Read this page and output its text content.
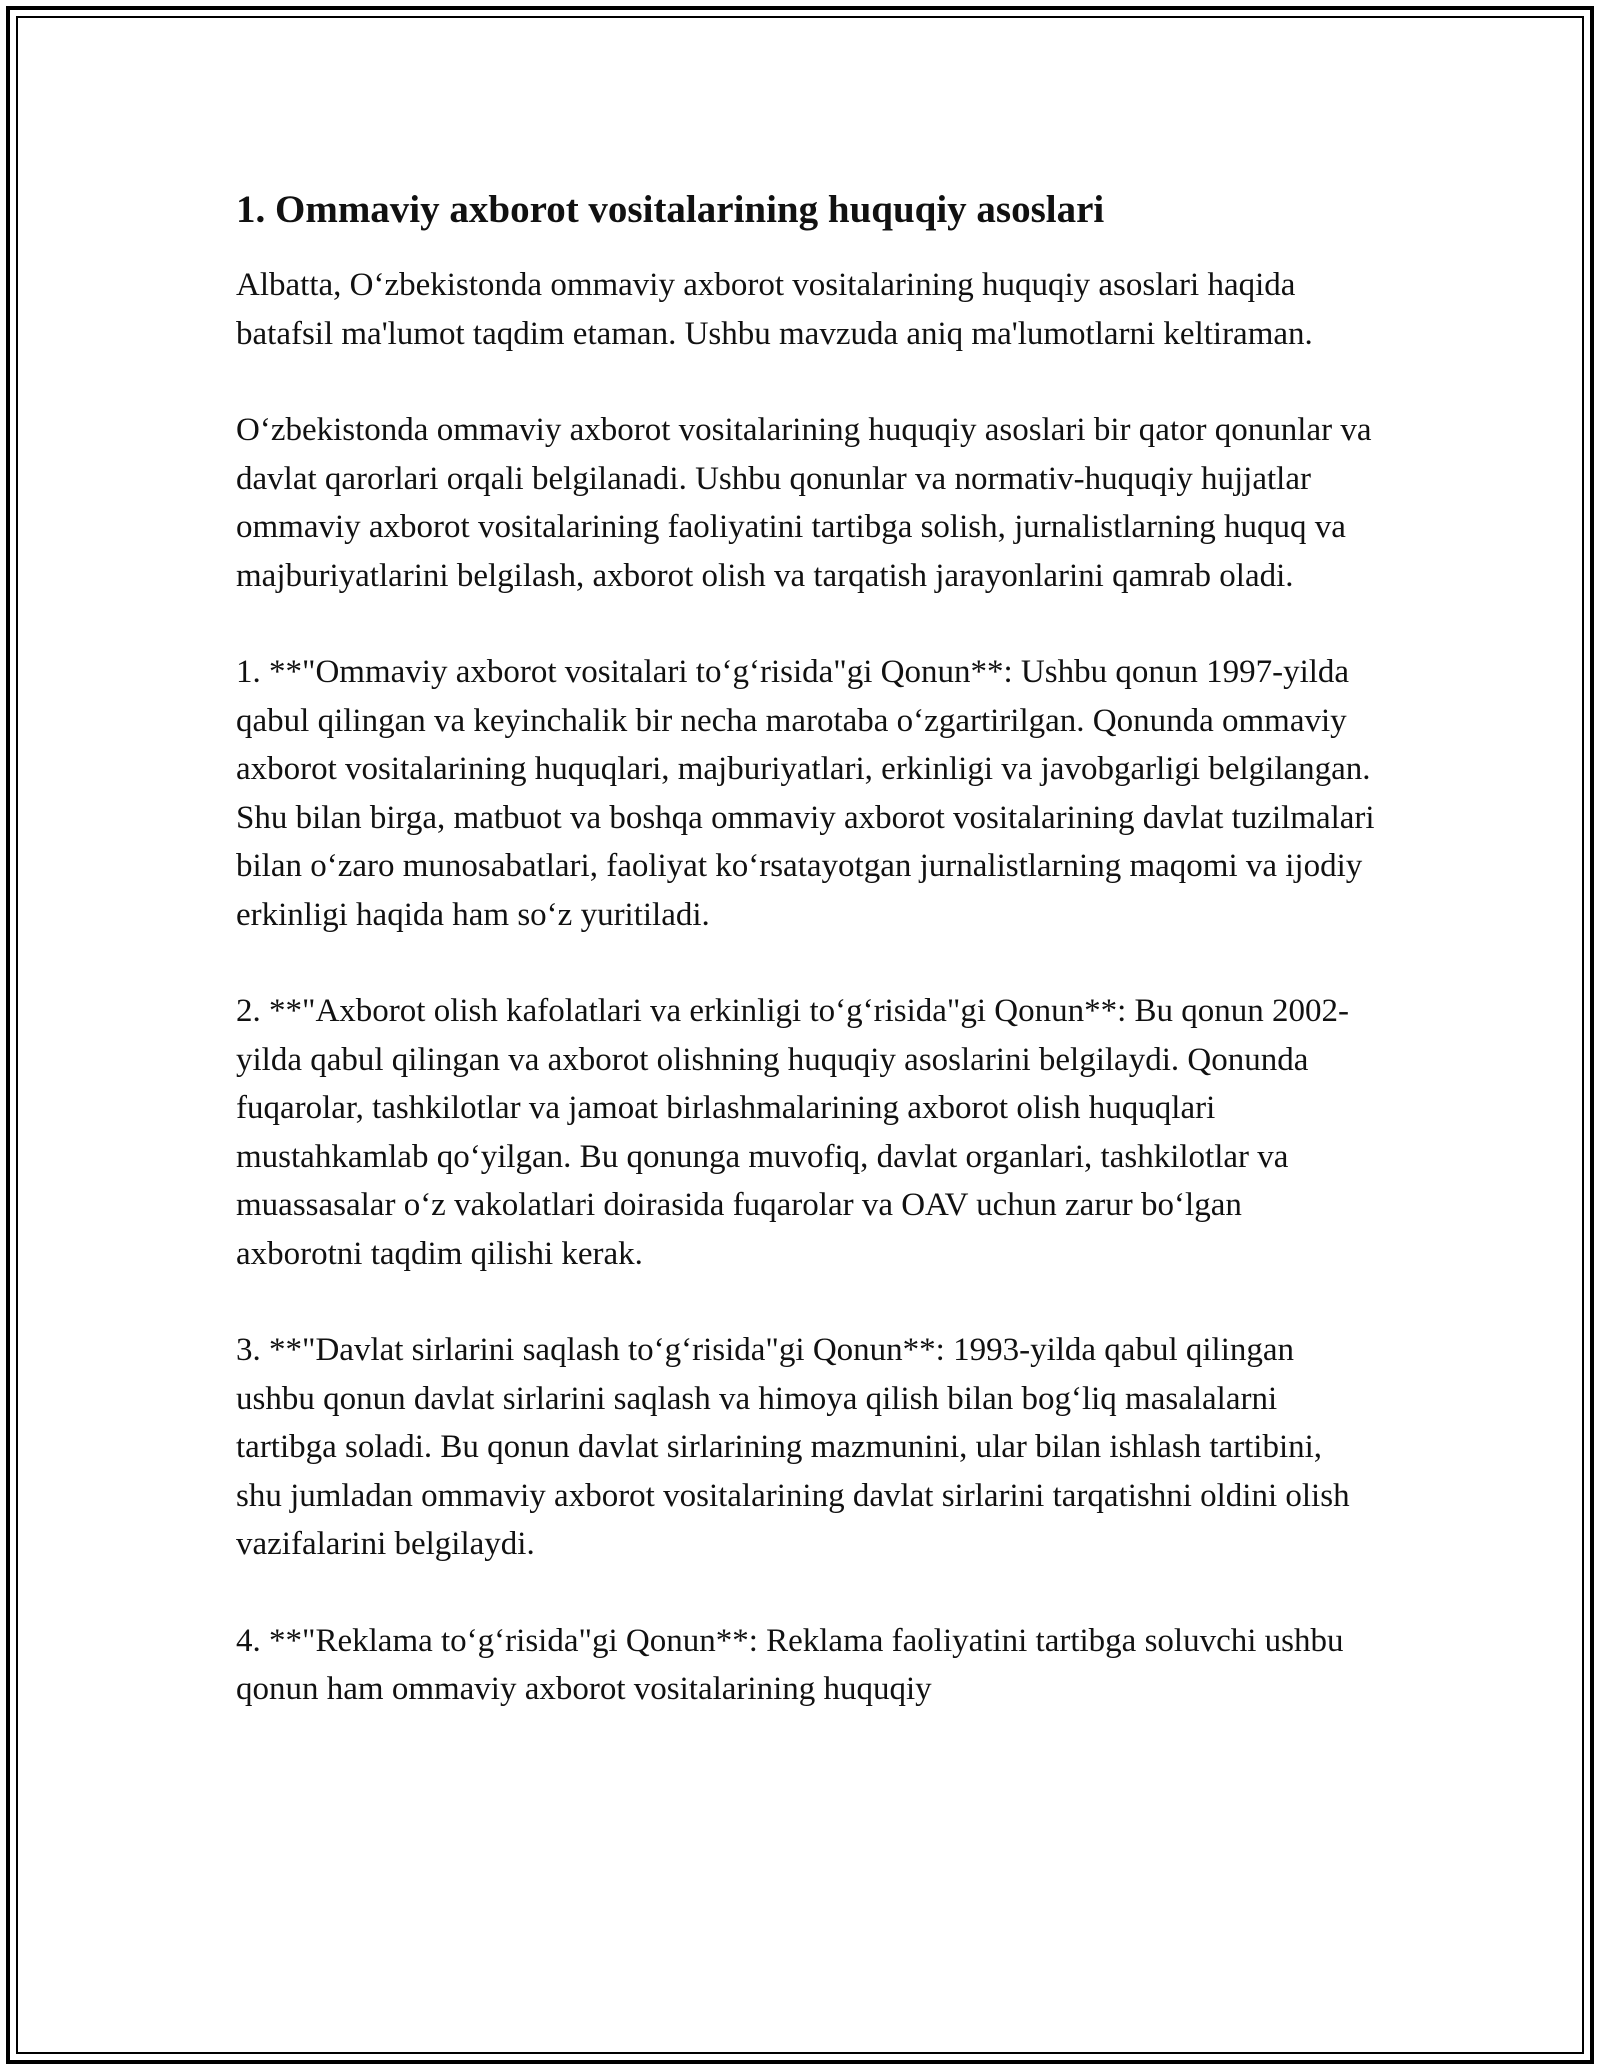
1. Ommaviy axborot vositalarining huquqiy asoslari

Albatta, O‘zbekistonda ommaviy axborot vositalarining huquqiy asoslari haqida batafsil ma'lumot taqdim etaman. Ushbu mavzuda aniq ma'lumotlarni keltiraman.

O‘zbekistonda ommaviy axborot vositalarining huquqiy asoslari bir qator qonunlar va davlat qarorlari orqali belgilanadi. Ushbu qonunlar va normativ-huquqiy hujjatlar ommaviy axborot vositalarining faoliyatini tartibga solish, jurnalistlarning huquq va majburiyatlarini belgilash, axborot olish va tarqatish jarayonlarini qamrab oladi.

1. **"Ommaviy axborot vositalari to‘g‘risida"gi Qonun**: Ushbu qonun 1997-yilda qabul qilingan va keyinchalik bir necha marotaba o‘zgartirilgan. Qonunda ommaviy axborot vositalarining huquqlari, majburiyatlari, erkinligi va javobgarligi belgilangan. Shu bilan birga, matbuot va boshqa ommaviy axborot vositalarining davlat tuzilmalari bilan o‘zaro munosabatlari, faoliyat ko‘rsatayotgan jurnalistlarning maqomi va ijodiy erkinligi haqida ham so‘z yuritiladi.

2. **"Axborot olish kafolatlari va erkinligi to‘g‘risida"gi Qonun**: Bu qonun 2002-yilda qabul qilingan va axborot olishning huquqiy asoslarini belgilaydi. Qonunda fuqarolar, tashkilotlar va jamoat birlashmalarining axborot olish huquqlari mustahkamlab qo‘yilgan. Bu qonunga muvofiq, davlat organlari, tashkilotlar va muassasalar o‘z vakolatlari doirasida fuqarolar va OAV uchun zarur bo‘lgan axborotni taqdim qilishi kerak.

3. **"Davlat sirlarini saqlash to‘g‘risida"gi Qonun**: 1993-yilda qabul qilingan ushbu qonun davlat sirlarini saqlash va himoya qilish bilan bog‘liq masalalarni tartibga soladi. Bu qonun davlat sirlarining mazmunini, ular bilan ishlash tartibini, shu jumladan ommaviy axborot vositalarining davlat sirlarini tarqatishni oldini olish vazifalarini belgilaydi.

4. **"Reklama to‘g‘risida"gi Qonun**: Reklama faoliyatini tartibga soluvchi ushbu qonun ham ommaviy axborot vositalarining huquqiy
